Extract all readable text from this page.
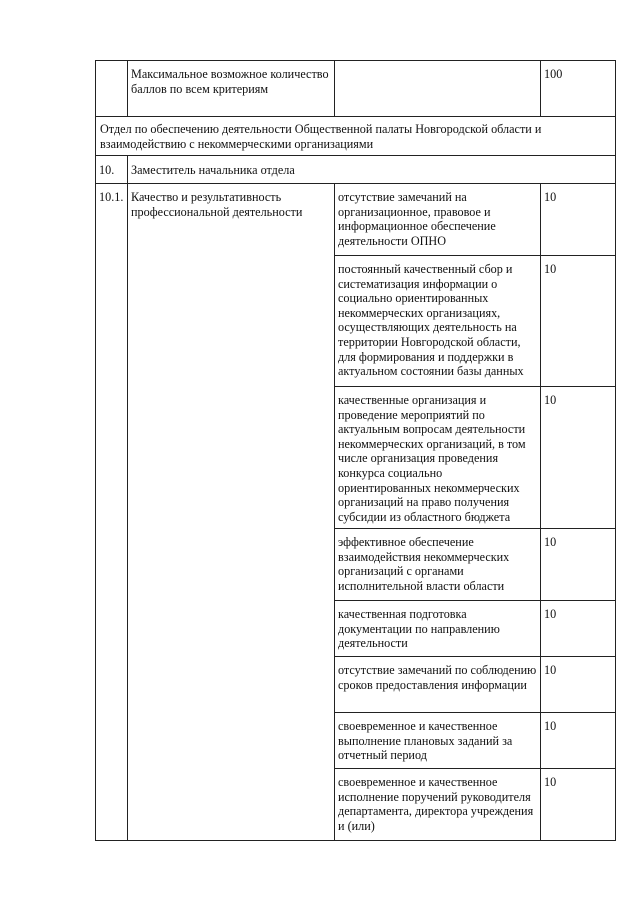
	Максимальное возможное количество баллов по всем критериям		100
Отдел по обеспечению деятельности Общественной палаты Новгородской области и взаимодействию с некоммерческими организациями			
10.	Заместитель начальника отдела		
10.1.	Качество и результативность профессиональной деятельности	отсутствие замечаний на организационное, правовое и информационное обеспечение деятельности ОПНО	10
		постоянный качественный сбор и систематизация информации о социально ориентированных некоммерческих организациях, осуществляющих деятельность на территории Новгородской области, для формирования и поддержки в актуальном состоянии базы данных	10
		качественные организация и проведение мероприятий по актуальным вопросам деятельности некоммерческих организаций, в том числе организация проведения конкурса социально ориентированных некоммерческих организаций на право получения субсидии из областного бюджета	10
		эффективное обеспечение взаимодействия некоммерческих организаций с органами исполнительной власти области	10
		качественная подготовка документации по направлению деятельности	10
		отсутствие замечаний по соблюдению сроков предоставления информации	10
		своевременное и качественное выполнение плановых заданий за отчетный период	10
		своевременное и качественное исполнение поручений руководителя департамента, директора учреждения и (или)	10
